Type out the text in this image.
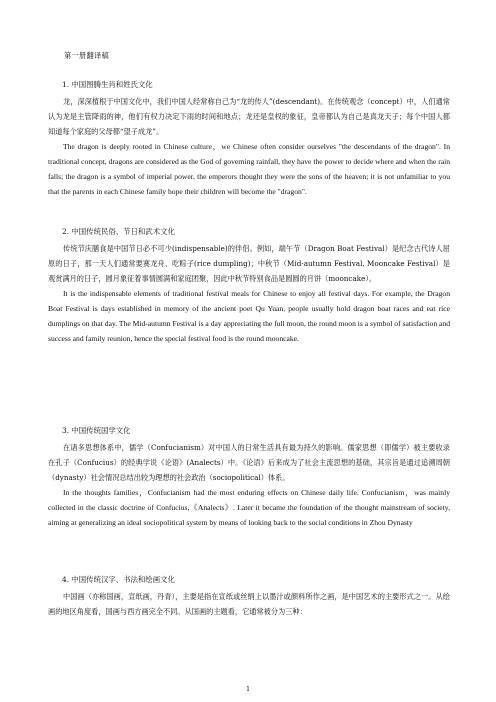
第一册翻译稿
1. 中国图腾生肖和姓氏文化

龙，深深植根于中国文化中，我们中国人经常称自己为“龙的传人”(descendant)。在传统观念（concept）中，人们通常认为龙是主管降雨的神，他们有权力决定下雨的时间和地点；龙还是皇权的象征，皇帝都认为自己是真龙天子；每个中国人都知道每个家庭的父母都“望子成龙”。

The dragon is deeply rooted in Chinese culture，we Chinese often consider ourselves "the descendants of the dragon". In traditional concept, dragons are considered as the God of governing rainfall, they have the power to decide where and when the rain falls; the dragon is a symbol of imperial power, the emperors thought they were the sons of the heaven; it is not unfamiliar to you that the parents in each Chinese family hope their children will become the "dragon".

2. 中国传统民俗、节日和武术文化

传统节庆膳食是中国节日必不可少(indispensable)的伴侣。例如，端午节（Dragon Boat Festival）是纪念古代诗人屈原的日子，那一天人们通常要赛龙舟、吃粽子(rice dumpling)；中秋节（Mid-autumn Festival, Mooncake Festival）是观赏满月的日子，圆月象征着事情圆满和家庭团聚，因此中秋节特别食品是圆圆的月饼（mooncake）。

It is the indispensable elements of traditional festival meals for Chinese to enjoy all festival days. For example, the Dragon Boat Festival is days established in memory of the ancient poet Qu Yuan, people usually hold dragon boat races and eat rice dumplings on that day. The Mid-autumn Festival is a day appreciating the full moon, the round moon is a symbol of satisfaction and success and family reunion, hence the special festival food is the round mooncake.

3. 中国传统国学文化

在诸多思想体系中，儒学（Confucianism）对中国人的日常生活具有最为持久的影响。儒家思想（即儒学）被主要收录在孔子（Confucius）的经典学说《论语》(Analects）中。《论语》后来成为了社会主流思想的基础，其宗旨是通过追溯周朝（dynasty）社会情况总结出较为理想的社会政治（sociopolitical）体系。

In the thoughts families，Confucianism had the most enduring effects on Chinese daily life. Confucianism，was mainly collected in the classic doctrine of Confucius,《Analects》. Later it became the foundation of the thought mainstream of society, aiming at generalizing an ideal sociopolitical system by means of looking back to the social conditions in Zhou Dynasty

4. 中国传统汉字、书法和绘画文化

中国画（亦称国画，宣纸画，丹青），主要是指在宣纸或丝绢上以墨汁或颜料所作之画，是中国艺术的主要形式之一。从绘画的地区角度看，国画与西方画完全不同。从国画的主题看，它通常被分为三种：

1
